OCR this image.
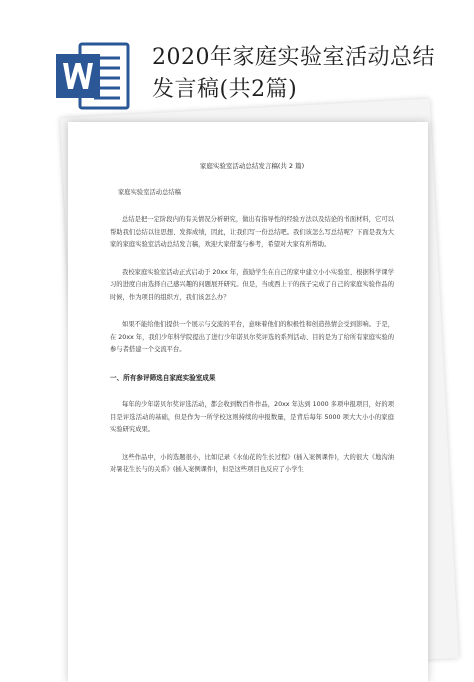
2020年家庭实验室活动总结发言稿(共2篇)
家庭实验室活动总结发言稿(共 2 篇)
家庭实验室活动总结稿

总结是把一定阶段内的有关情况分析研究，做出有指导性的经验方法以及结论的书面材料，它可以帮助我们总结以往思想、发挥成绩，因此，让我们写一份总结吧。我们该怎么写总结呢？下面是我为大家的家庭实验室活动总结发言稿，欢迎大家借鉴与参考，希望对大家有所帮助。

我校家庭实验室活动正式启动于 20xx 年，鼓励学生在自己的家中建立小小实验室、根据科学课学习的进度自由选择自己感兴趣的问题展开研究。但是，当或西上干的孩子完成了自己的家庭实验作品的时候，作为项目的组织方，我们该怎么办？

如果不能给他们提供一个展示与交流的平台，意味着他们的积极性和创造热情会受到影响。于是，在 20xx 年，我们少年科学院提出了进行少年诺贝尔奖评选的系列活动、目的是为了给所有家庭实验的参与者搭建一个交流平台。

一、所有参评筛选自家庭实验室成果

每年的少年诺贝尔奖评选活动，都会收到数百件作品，20xx 年达到 1000 多项申报项目，好的项目是评选活动的基础，但是作为一所学校这则持续的申报数量，是背后每年 5000 项大大小小的家庭实验研究成果。

这些作品中，小的选题很小，比如记录《水仙花的生长过程》(插入案例课件)，大的很大《地沟油对暑花生长与的关系》(插入案例课件)，但是这些项目也反应了小学生
